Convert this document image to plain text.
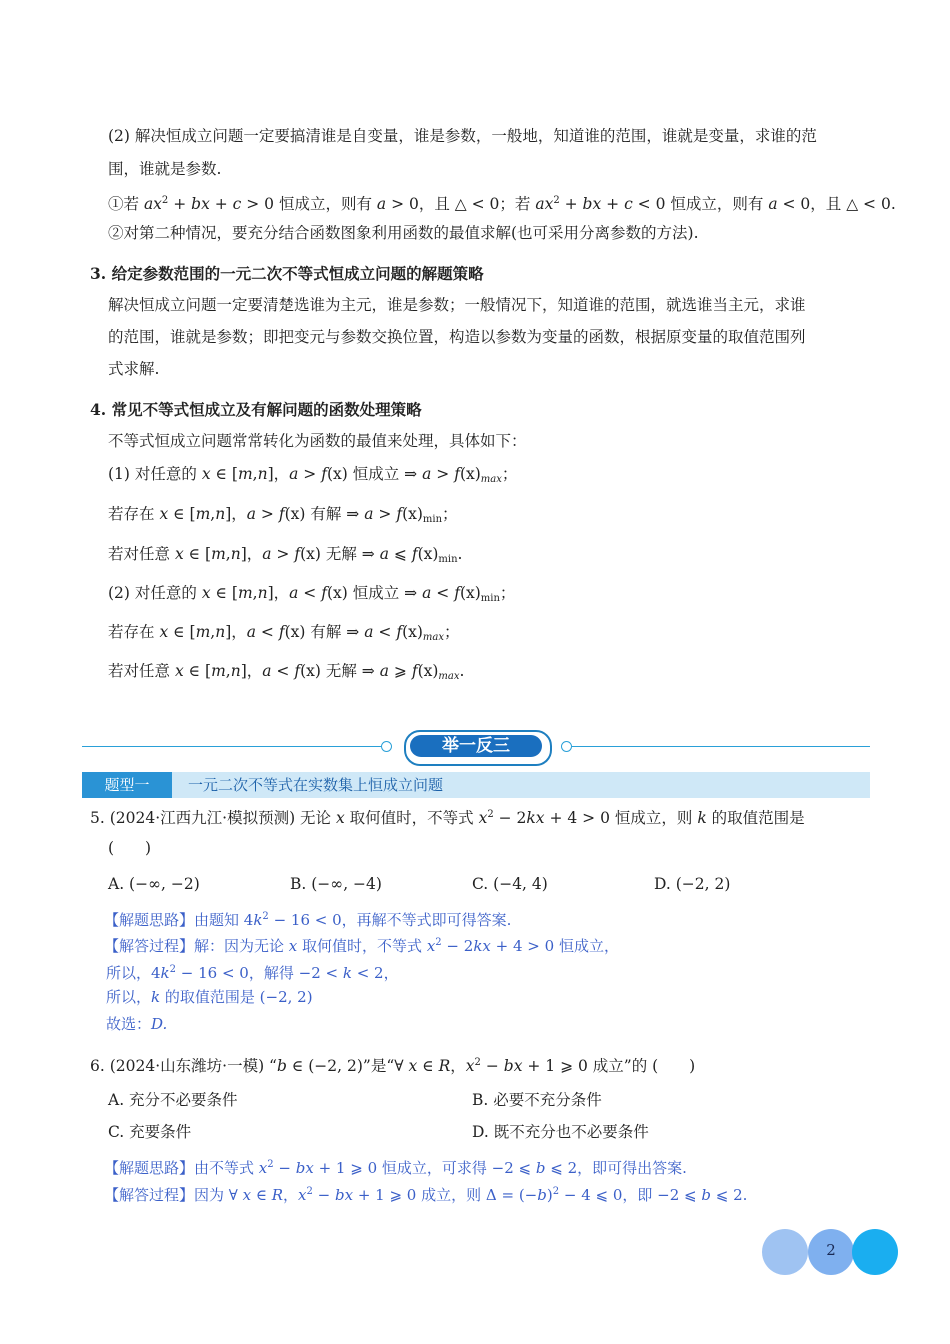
(2) 解决恒成立问题一定要搞清谁是自变量，谁是参数，一般地，知道谁的范围，谁就是变量，求谁的范
围，谁就是参数.
①若 $ax^2$ + bx + c > 0 恒成立，则有 a > 0，且 △ < 0；若 $ax^2$ + bx + c < 0 恒成立，则有 a < 0，且 △ < 0.
②对第二种情况，要充分结合函数图象利用函数的最值求解(也可采用分离参数的方法).
3. 给定参数范围的一元二次不等式恒成立问题的解题策略
解决恒成立问题一定要清楚选谁为主元，谁是参数；一般情况下，知道谁的范围，就选谁当主元，求谁
的范围，谁就是参数；即把变元与参数交换位置，构造以参数为变量的函数，根据原变量的取值范围列
式求解.
4. 常见不等式恒成立及有解问题的函数处理策略
不等式恒成立问题常常转化为函数的最值来处理，具体如下：
(1) 对任意的 x ∈ [m,n]，a > f(x) 恒成立 ⇒ $a > f(x)_{max}$；
若存在 x ∈ [m,n]，a > f(x) 有解 ⇒ a > f(x)min；
若对任意 x ∈ [m,n]，a > f(x) 无解 ⇒ a ⩽ f(x)min.
(2) 对任意的 x ∈ [m,n]，a < f(x) 恒成立 ⇒ a < f(x)min；
若存在 x ∈ [m,n]，a < f(x) 有解 ⇒ $a < f(x)_{max}$；
若对任意 x ∈ [m,n]，a < f(x) 无解 ⇒ a ⩾ $f(x)_{max}$.
举一反三
题型一	一元二次不等式在实数集上恒成立问题
5. (2024·江西九江·模拟预测) 无论 x 取何值时，不等式 $x^2 - 2kx + 4 > 0$ 恒成立，则 k 的取值范围是
(　　)
A. (−∞, −2)	B. (−∞, −4)	C. (−4, 4)	D. (−2, 2)
【解题思路】由题知 $4k^2 - 16 < 0$，再解不等式即可得答案.
【解答过程】解：因为无论 x 取何值时，不等式 $x^2 - 2kx + 4 > 0$ 恒成立，
所以，$4k^2 - 16 < 0$，解得 −2 < k < 2，
所以，k 的取值范围是 (−2, 2)
故选：D.
6. (2024·山东潍坊·一模) “b ∈ (−2, 2)”是“∀ x ∈ R，$x^2$ − bx + 1 ⩾ 0 成立”的 (　　)
A. 充分不必要条件	B. 必要不充分条件
C. 充要条件	D. 既不充分也不必要条件
【解题思路】由不等式 $x^2$ − bx + 1 ⩾ 0 恒成立，可求得 −2 ⩽ b ⩽ 2，即可得出答案.
【解答过程】因为 ∀ x ∈ R，$x^2$ − bx + 1 ⩾ 0 成立，则 $\Delta = (-b)^2 - 4$ ⩽ 0，即 −2 ⩽ b ⩽ 2.
2
